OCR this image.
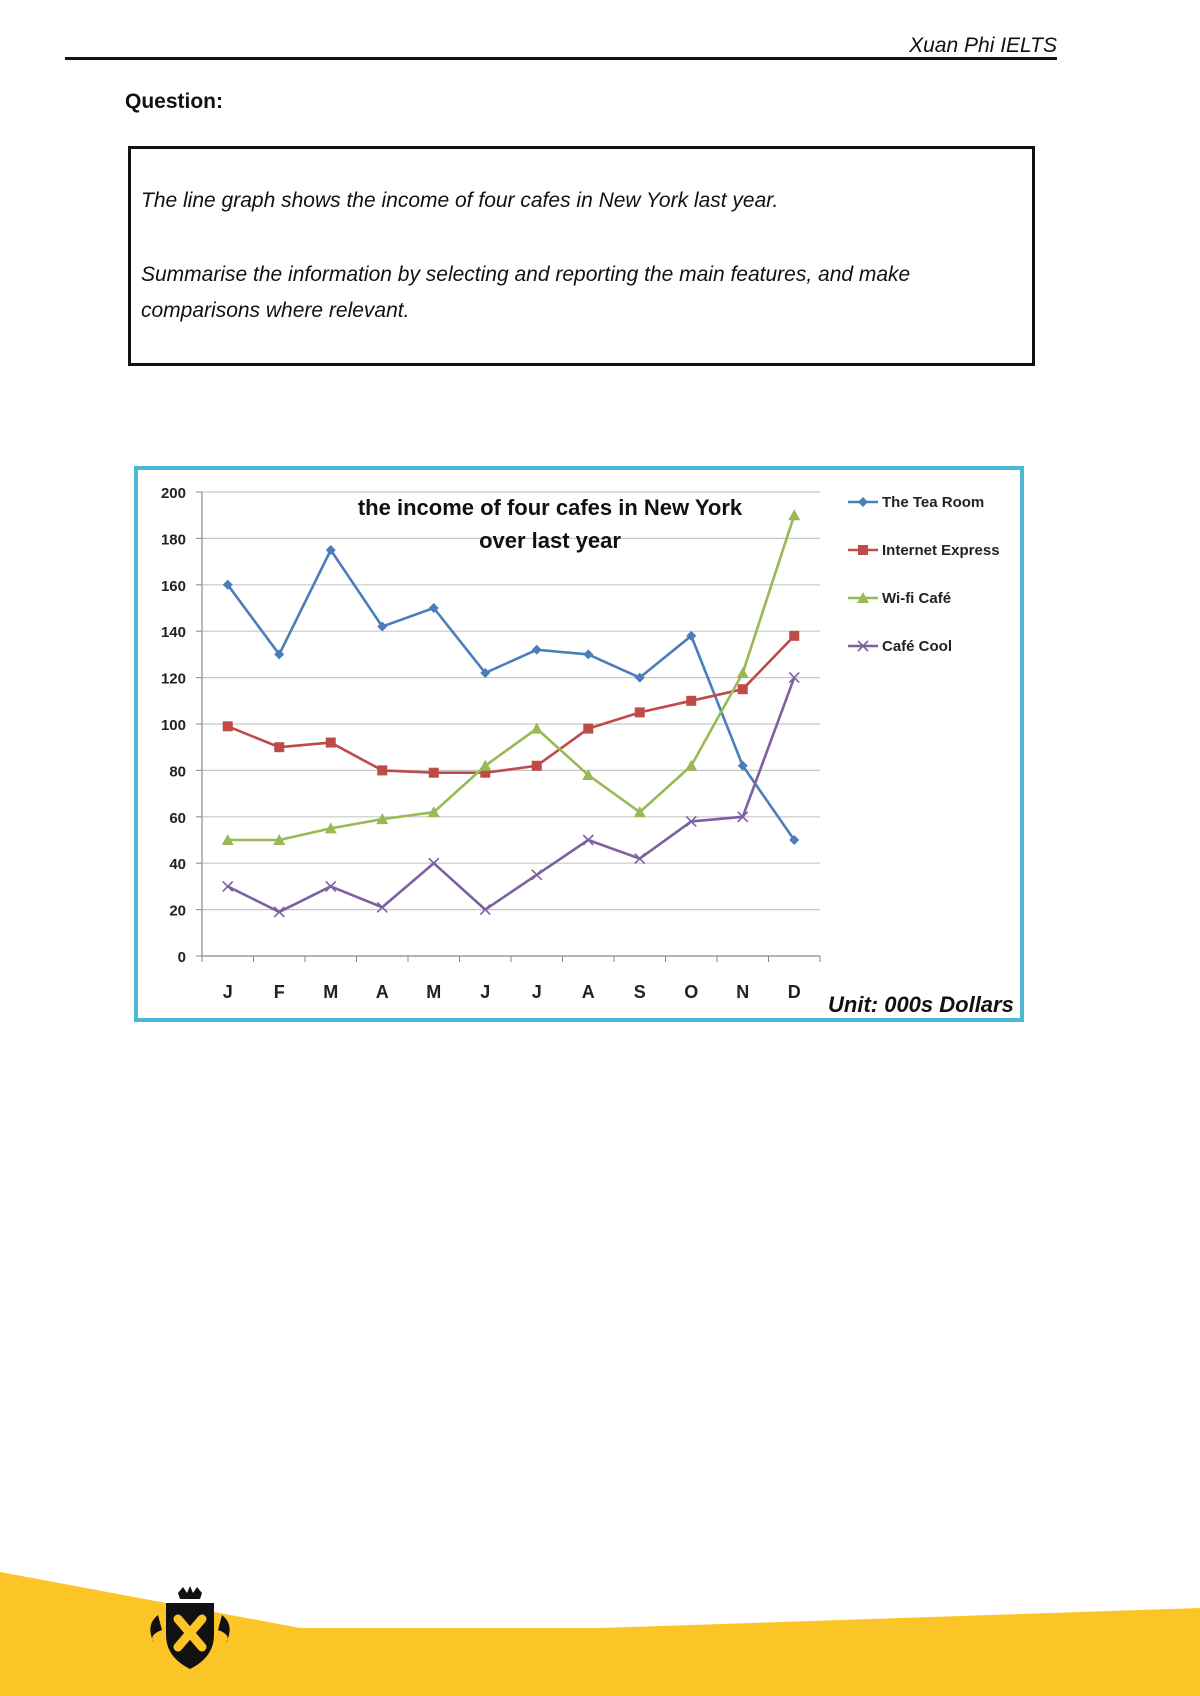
Xuan Phi IELTS
Question:

The line graph shows the income of four cafes in New York last year.

Summarise the information by selecting and reporting the main features, and make comparisons where relevant.

0
20
40
60
80
100
120
140
160
180
200
J F M A M J J A S O N D
the income of four cafes in New York
over last year
The Tea Room
Internet Express
Wi-fi Café
Café Cool
Unit: 000s Dollars
